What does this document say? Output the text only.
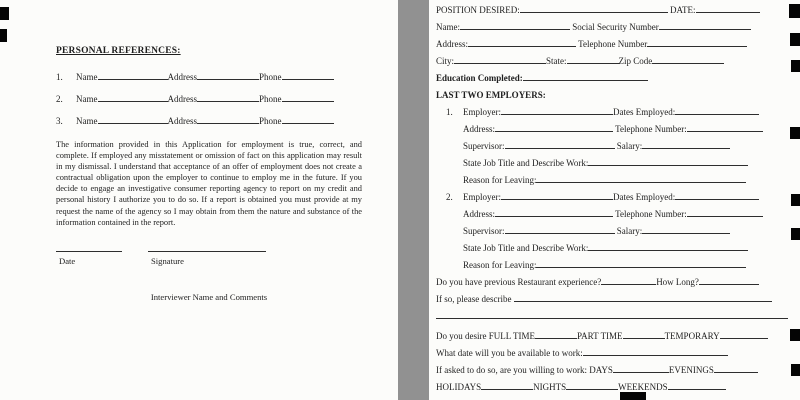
PERSONAL REFERENCES:
1. Name	Address	Phone
2. Name	Address	Phone
3. Name	Address	Phone

The information provided in this Application for employment is true, correct, and complete. If employed any misstatement or omission of fact on this application may result in my dismissal. I understand that acceptance of an offer of employment does not create a contractual obligation upon the employer to continue to employ me in the future. If you decide to engage an investigative consumer reporting agency to report on my credit and personal history I authorize you to do so. If a report is obtained you must provide at my request the name of the agency so I may obtain from them the nature and substance of the information contained in the report.

Date	Signature
Interviewer Name and Comments
POSITION DESIRED:	DATE:
Name:	Social Security Number
Address:	Telephone Number
City:	State:	Zip Code
Education Completed:
LAST TWO EMPLOYERS:
1. Employer:	Dates Employed:
Address:	Telephone Number:
Supervisor:	Salary:
State Job Title and Describe Work:
Reason for Leaving:
2. Employer:	Dates Employed:
Address:	Telephone Number:
Supervisor:	Salary:
State Job Title and Describe Work:
Reason for Leaving:
Do you have previous Restaurant experience?	How Long?
If so, please describe
Do you desire FULL TIME	PART TIME	TEMPORARY
What date will you be available to work:
If asked to do so, are you willing to work: DAYS	EVENINGS
HOLIDAYS	NIGHTS	WEEKENDS
